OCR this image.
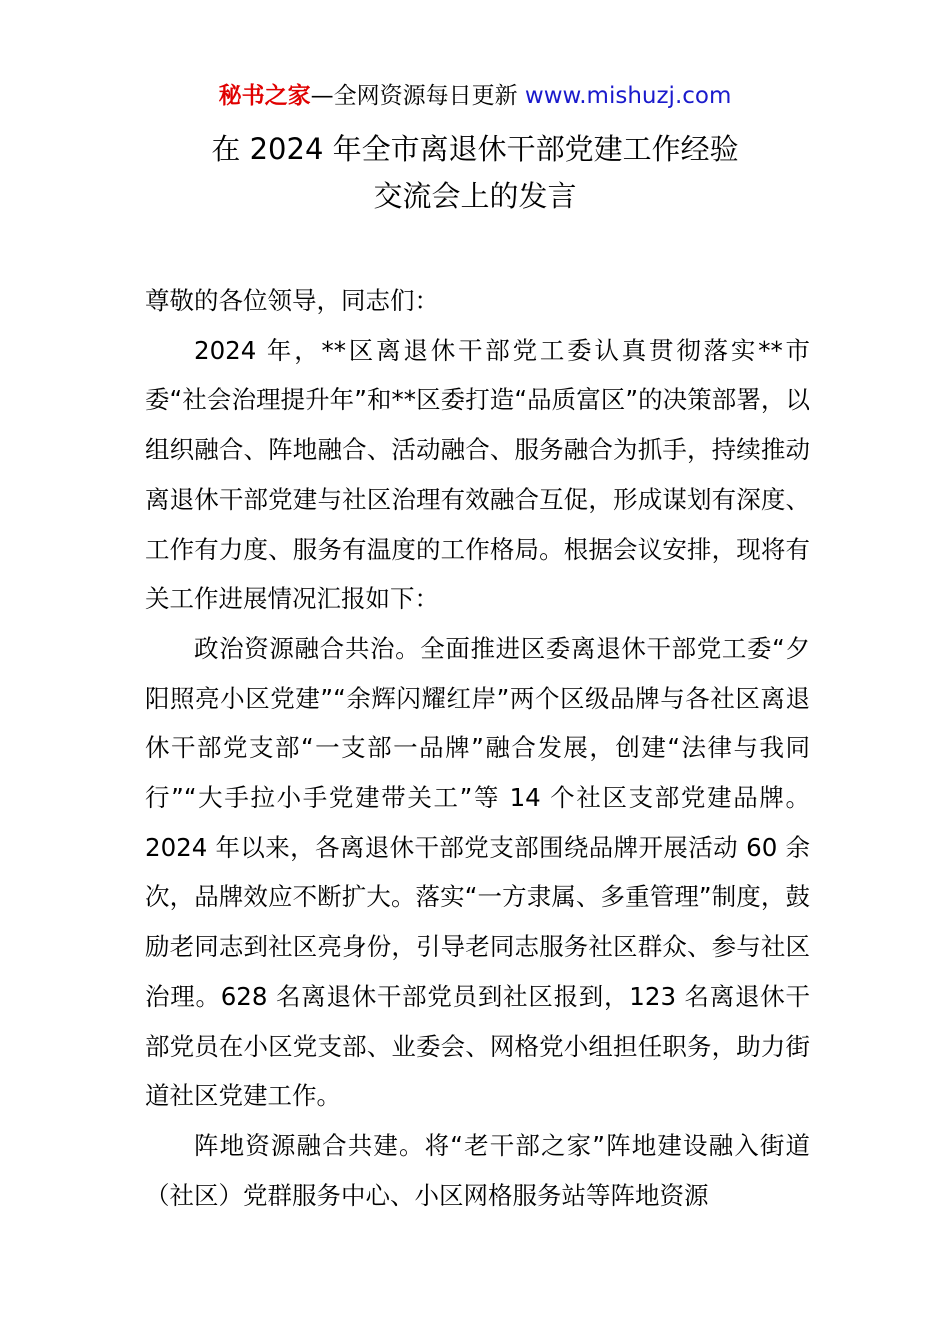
秘书之家—全网资源每日更新 www.mishuzj.com
在 2024 年全市离退休干部党建工作经验
交流会上的发言

尊敬的各位领导，同志们：

2024 年，**区离退休干部党工委认真贯彻落实**市委“社会治理提升年”和**区委打造“品质富区”的决策部署，以组织融合、阵地融合、活动融合、服务融合为抓手，持续推动离退休干部党建与社区治理有效融合互促，形成谋划有深度、工作有力度、服务有温度的工作格局。根据会议安排，现将有关工作进展情况汇报如下：

政治资源融合共治。全面推进区委离退休干部党工委“夕阳照亮小区党建”“余辉闪耀红岸”两个区级品牌与各社区离退休干部党支部“一支部一品牌”融合发展，创建“法律与我同行”“大手拉小手党建带关工”等 14 个社区支部党建品牌。2024 年以来，各离退休干部党支部围绕品牌开展活动 60 余次，品牌效应不断扩大。落实“一方隶属、多重管理”制度，鼓励老同志到社区亮身份，引导老同志服务社区群众、参与社区治理。628 名离退休干部党员到社区报到，123 名离退休干部党员在小区党支部、业委会、网格党小组担任职务，助力街道社区党建工作。

阵地资源融合共建。将“老干部之家”阵地建设融入街道（社区）党群服务中心、小区网格服务站等阵地资源
